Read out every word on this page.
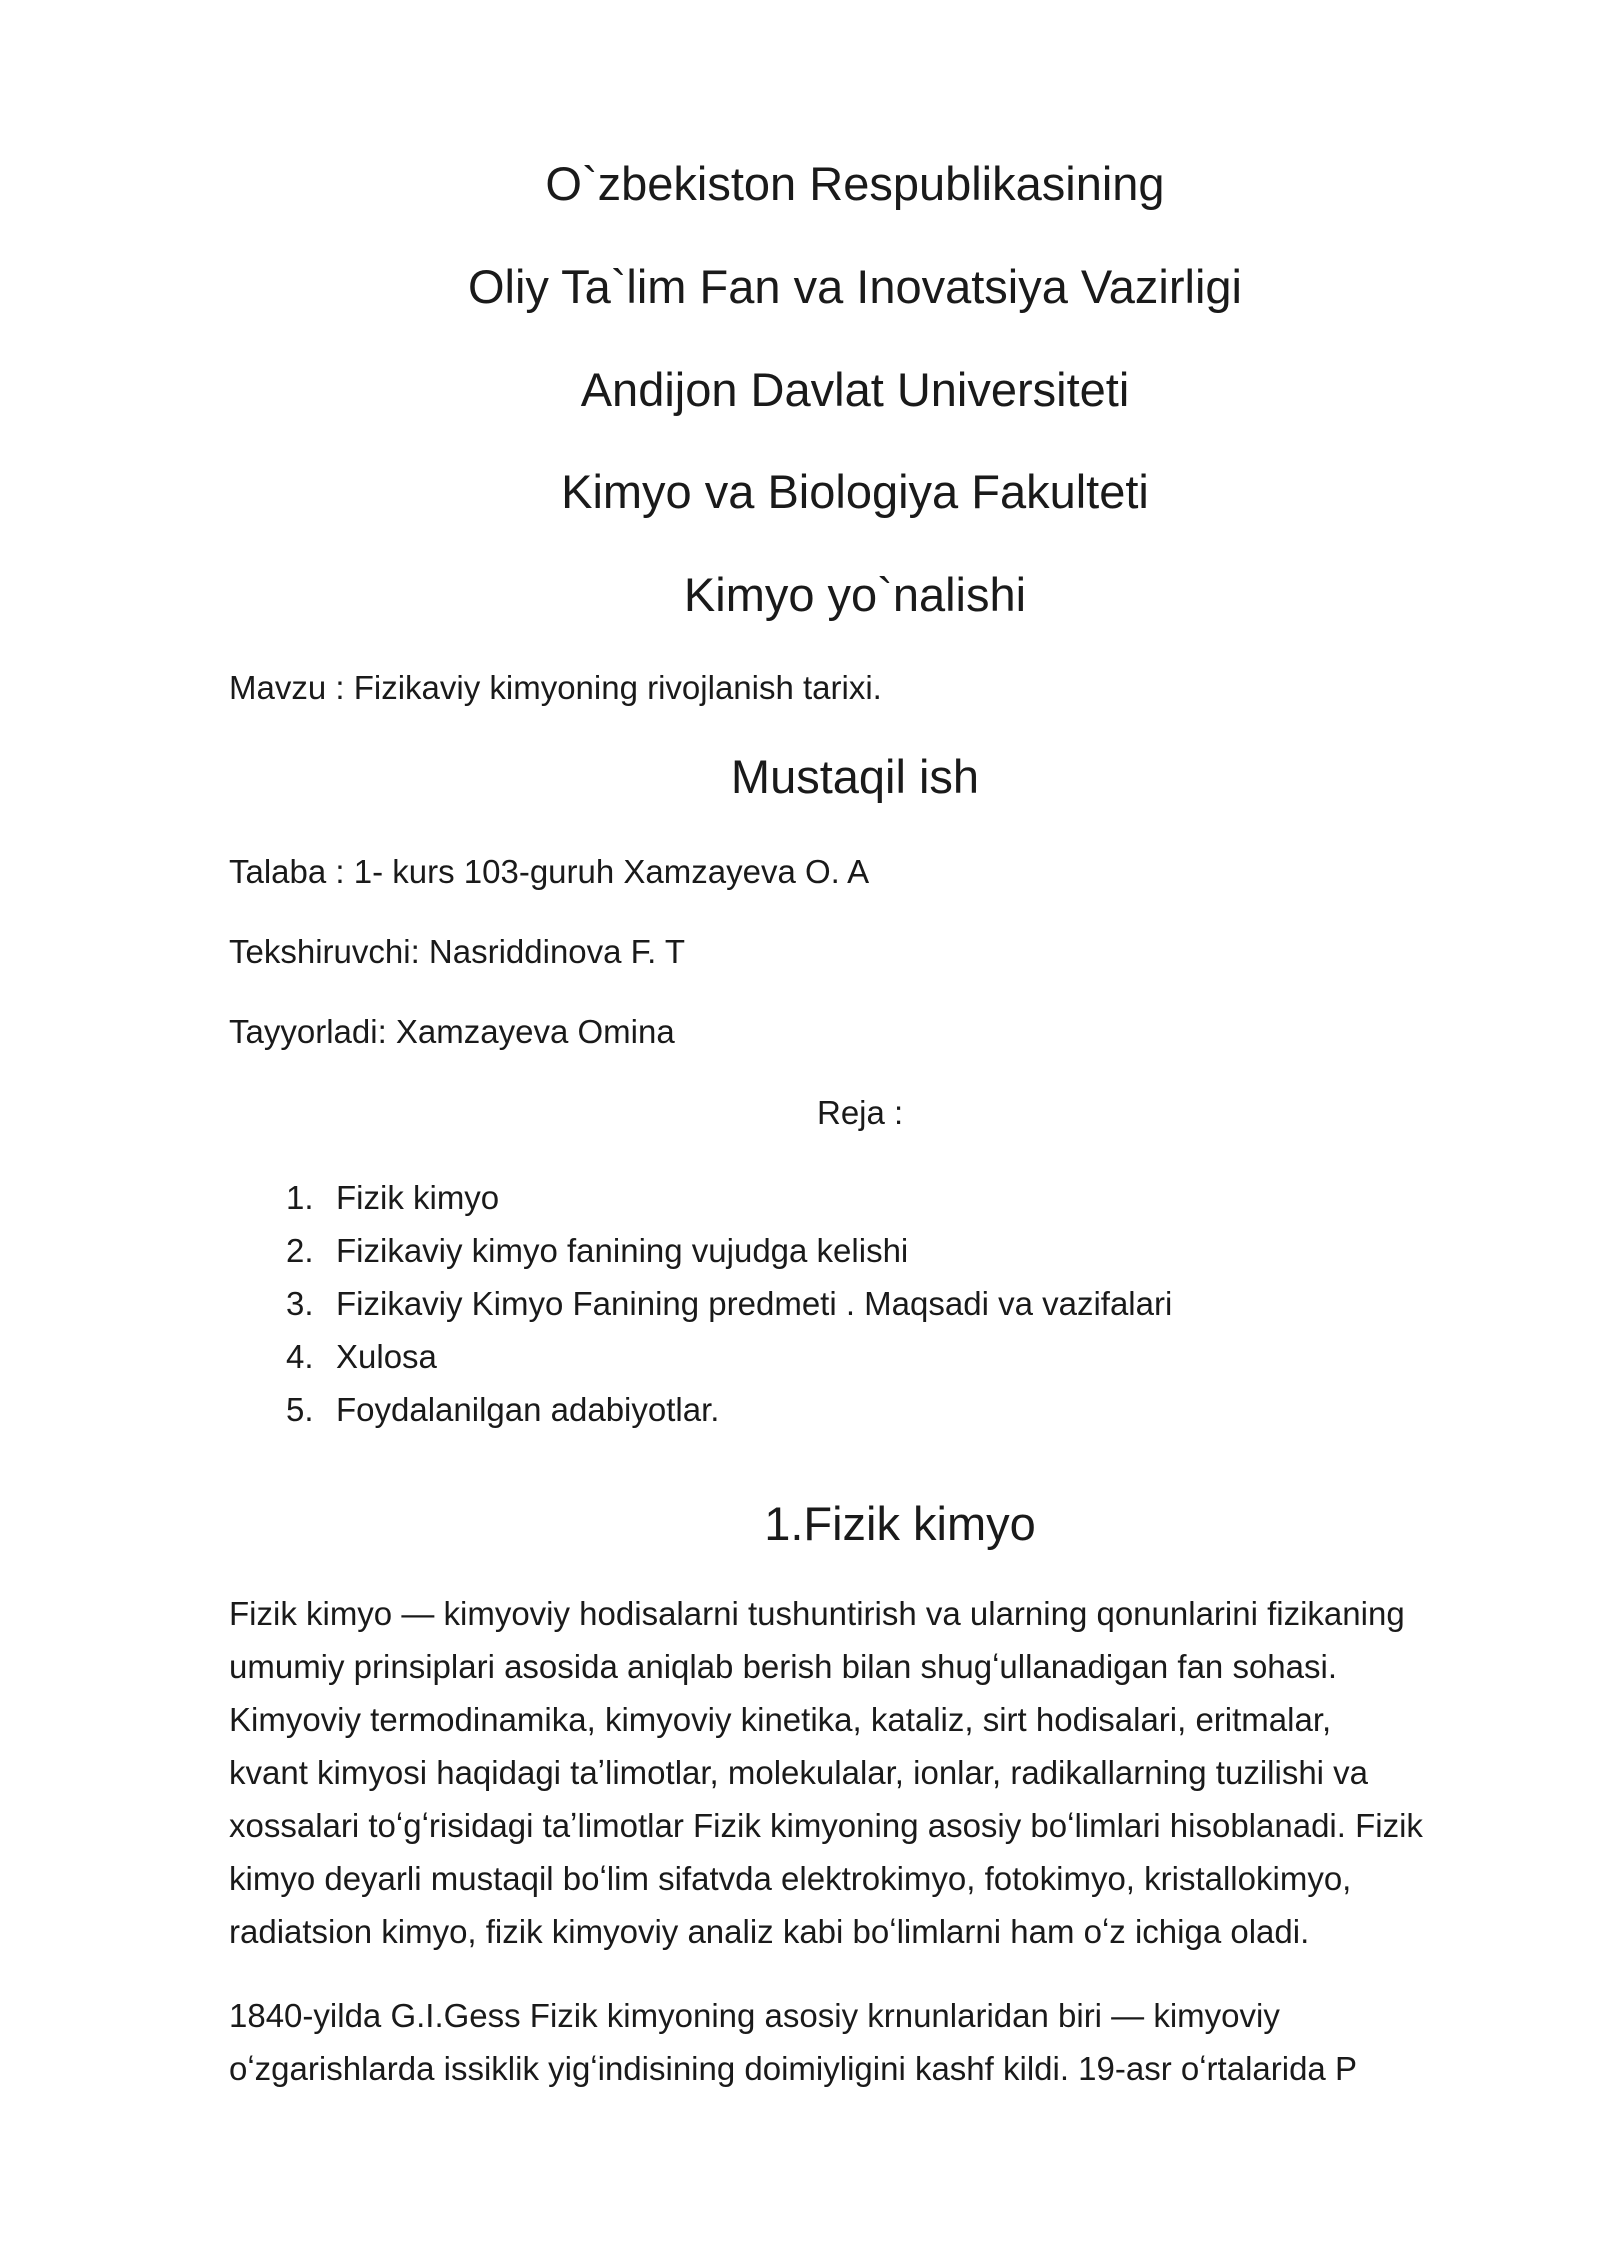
O`zbekiston Respublikasining
Oliy Ta`lim Fan va Inovatsiya Vazirligi
Andijon Davlat Universiteti
Kimyo va Biologiya Fakulteti
Kimyo yo`nalishi
Mavzu : Fizikaviy kimyoning rivojlanish tarixi.
Mustaqil ish
Talaba : 1- kurs 103-guruh Xamzayeva O. A
Tekshiruvchi: Nasriddinova F. T
Tayyorladi: Xamzayeva Omina
Reja :
1. Fizik kimyo
2. Fizikaviy kimyo fanining vujudga kelishi
3. Fizikaviy Kimyo Fanining predmeti . Maqsadi va vazifalari
4. Xulosa
5. Foydalanilgan adabiyotlar.
1.Fizik kimyo

Fizik kimyo — kimyoviy hodisalarni tushuntirish va ularning qonunlarini fizikaning
umumiy prinsiplari asosida aniqlab berish bilan shugʻullanadigan fan sohasi.
Kimyoviy termodinamika, kimyoviy kinetika, kataliz, sirt hodisalari, eritmalar,
kvant kimyosi haqidagi taʼlimotlar, molekulalar, ionlar, radikallarning tuzilishi va
xossalari toʻgʻrisidagi taʼlimotlar Fizik kimyoning asosiy boʻlimlari hisoblanadi. Fizik
kimyo deyarli mustaqil boʻlim sifatvda elektrokimyo, fotokimyo, kristallokimyo,
radiatsion kimyo, fizik kimyoviy analiz kabi boʻlimlarni ham oʻz ichiga oladi.

1840-yilda G.I.Gess Fizik kimyoning asosiy krnunlaridan biri — kimyoviy
oʻzgarishlarda issiklik yigʻindisining doimiyligini kashf kildi. 19-asr oʻrtalarida P
